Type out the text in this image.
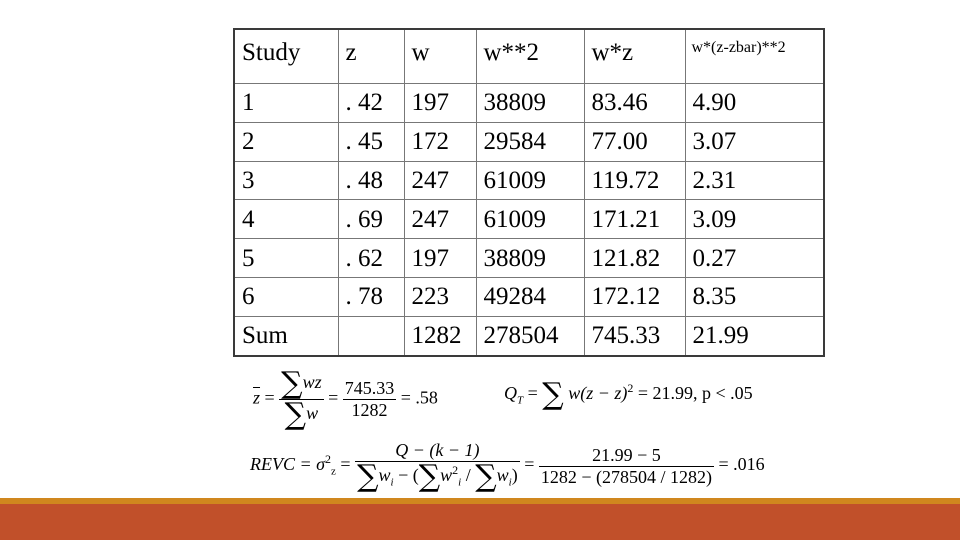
Study	z	w	w**2	w*z	w*(z-zbar)**2
1	. 42	197	38809	83.46	4.90
2	. 45	172	29584	77.00	3.07
3	. 48	247	61009	119.72	2.31
4	. 69	247	61009	171.21	3.09
5	. 62	197	38809	121.82	0.27
6	. 78	223	49284	172.12	8.35
Sum		1282	278504	745.33	21.99
$\overline{z} = \frac{\sum wz}{\sum w} = \frac{745.33}{1282} = .58$	$Q_T$ = ∑ $w(z - z)^2 = 21.99$, p < .05
REVC = $\sigma^2_z = \frac{Q - (k - 1)}{\sum w_i - (\sum w^2_i / \sum w_i)} = \frac{21.99 - 5}{1282 - (278504 / 1282)} = .016$
